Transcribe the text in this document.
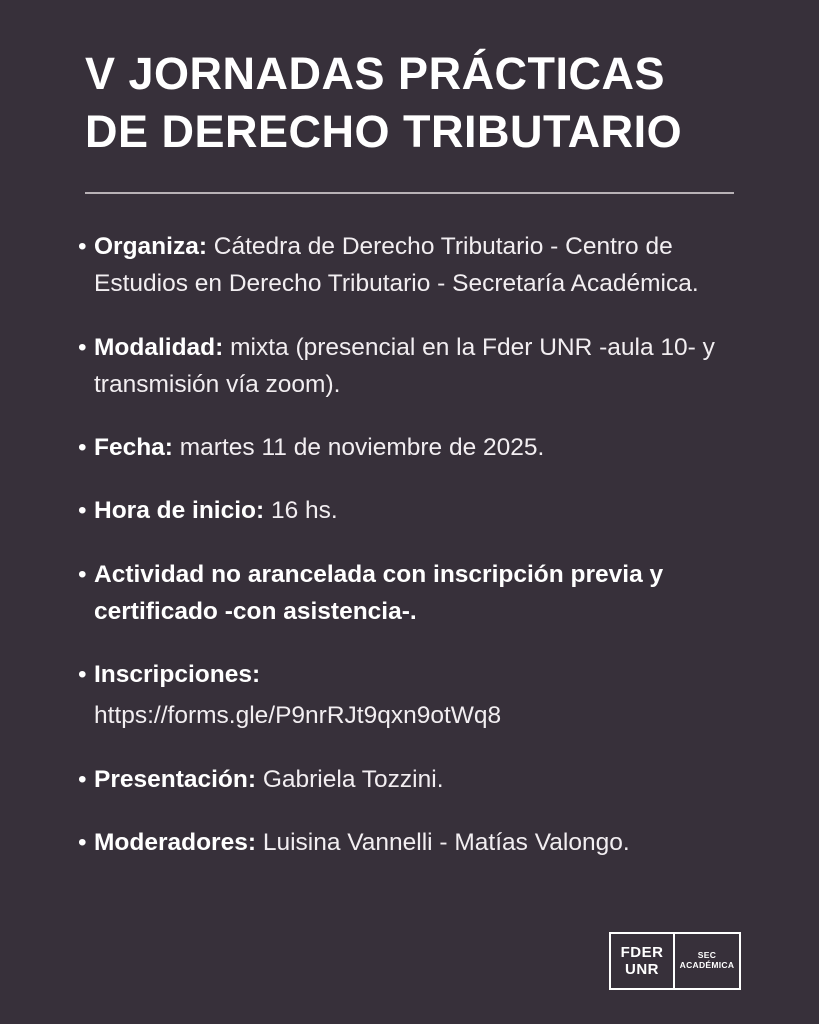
V JORNADAS PRÁCTICAS
DE DERECHO TRIBUTARIO
• Organiza: Cátedra de Derecho Tributario - Centro de Estudios en Derecho Tributario - Secretaría Académica.
• Modalidad: mixta (presencial en la Fder UNR -aula 10- y transmisión vía zoom).
• Fecha: martes 11 de noviembre de 2025.
• Hora de inicio: 16 hs.
• Actividad no arancelada con inscripción previa y certificado -con asistencia-.
• Inscripciones:
https://forms.gle/P9nrRJt9qxn9otWq8
• Presentación: Gabriela Tozzini.
• Moderadores: Luisina Vannelli - Matías Valongo.
FDER
UNR
SEC
ACADÉMICA
